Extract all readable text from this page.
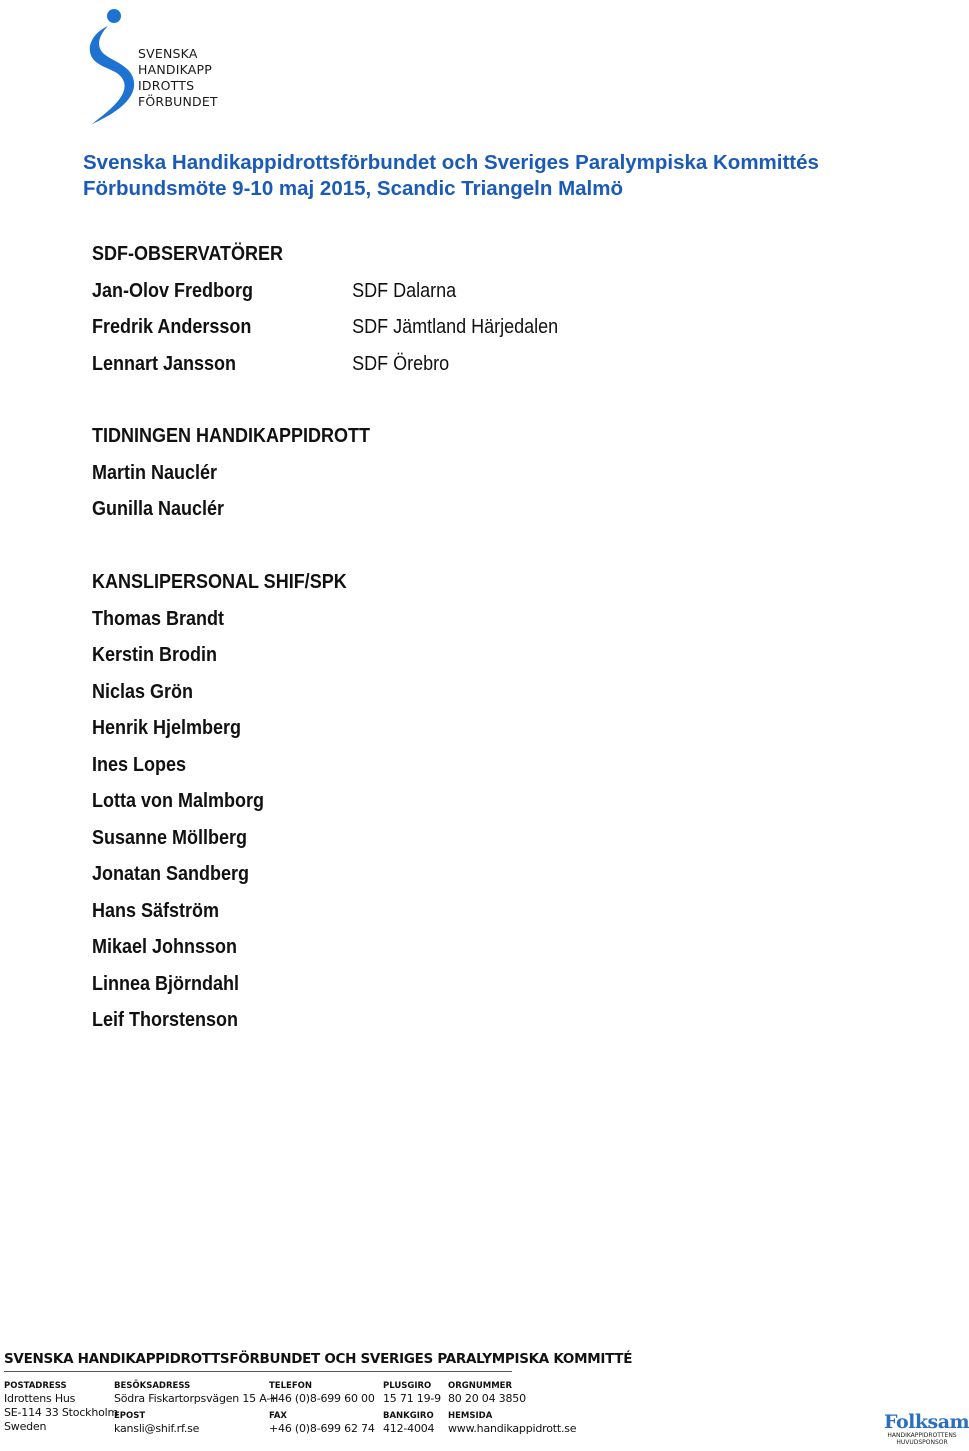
SVENSKA
HANDIKAPP
IDROTTS
FÖRBUNDET
Svenska Handikappidrottsförbundet och Sveriges Paralympiska Kommittés
Förbundsmöte 9-10 maj 2015, Scandic Triangeln Malmö
SDF-OBSERVATÖRER
Jan-Olov Fredborg	SDF Dalarna
Fredrik Andersson	SDF Jämtland Härjedalen
Lennart Jansson	SDF Örebro
TIDNINGEN HANDIKAPPIDROTT
Martin Nauclér
Gunilla Nauclér
KANSLIPERSONAL SHIF/SPK
Thomas Brandt
Kerstin Brodin
Niclas Grön
Henrik Hjelmberg
Ines Lopes
Lotta von Malmborg
Susanne Möllberg
Jonatan Sandberg
Hans Säfström
Mikael Johnsson
Linnea Björndahl
Leif Thorstenson
SVENSKA HANDIKAPPIDROTTSFÖRBUNDET OCH SVERIGES PARALYMPISKA KOMMITTÉ
POSTADRESS
Idrottens Hus
SE-114 33 Stockholm
Sweden
BESÖKSADRESS
Södra Fiskartorpsvägen 15 A-H
EPOST
kansli@shif.rf.se
TELEFON
+46 (0)8-699 60 00
FAX
+46 (0)8-699 62 74
PLUSGIRO
15 71 19-9
BANKGIRO
412-4004
ORGNUMMER
80 20 04 3850
HEMSIDA
www.handikappidrott.se	Folksam
HANDIKAPPIDROTTENS
HUVUDSPONSOR
